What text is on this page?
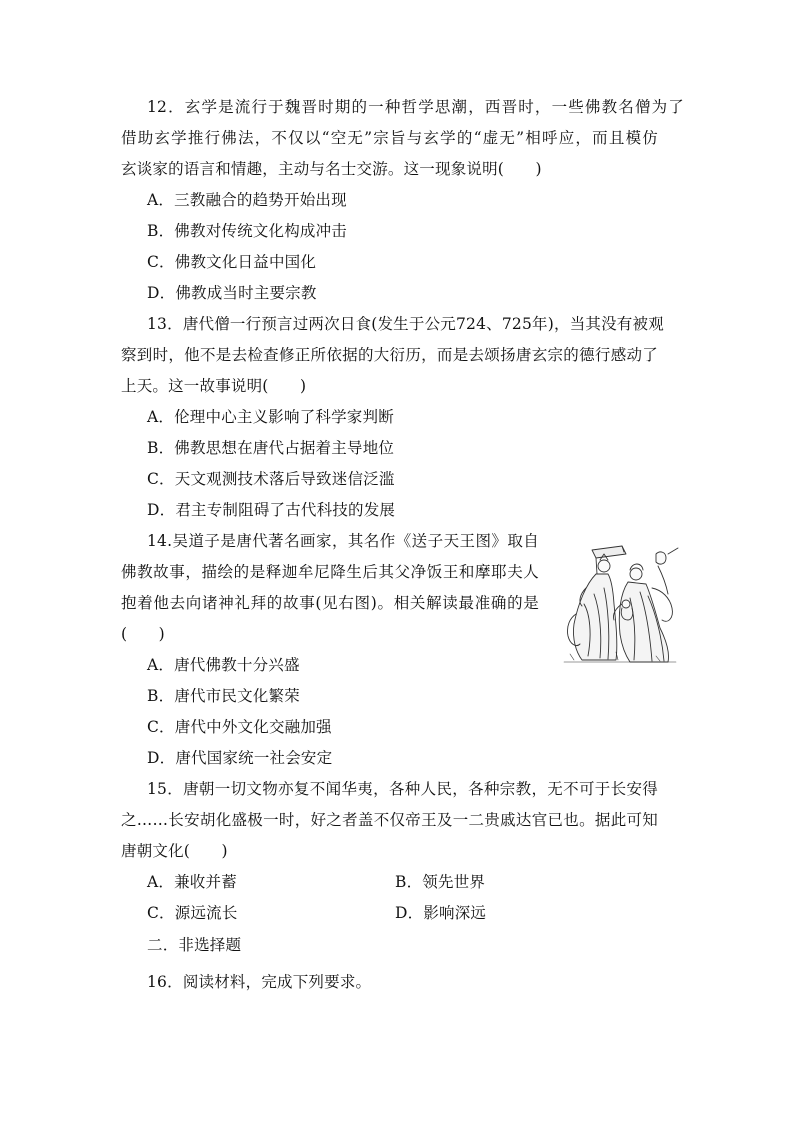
12．玄学是流行于魏晋时期的一种哲学思潮，西晋时，一些佛教名僧为了
借助玄学推行佛法，不仅以“空无”宗旨与玄学的“虚无”相呼应，而且模仿
玄谈家的语言和情趣，主动与名士交游。这一现象说明(　　)
A．三教融合的趋势开始出现
B．佛教对传统文化构成冲击
C．佛教文化日益中国化
D．佛教成当时主要宗教
13．唐代僧一行预言过两次日食(发生于公元724、725年)，当其没有被观
察到时，他不是去检查修正所依据的大衍历，而是去颂扬唐玄宗的德行感动了
上天。这一故事说明(　　)
A．伦理中心主义影响了科学家判断
B．佛教思想在唐代占据着主导地位
C．天文观测技术落后导致迷信泛滥
D．君主专制阻碍了古代科技的发展
14.吴道子是唐代著名画家，其名作《送子天王图》取自
佛教故事，描绘的是释迦牟尼降生后其父净饭王和摩耶夫人
抱着他去向诸神礼拜的故事(见右图)。相关解读最准确的是
(　　)
A．唐代佛教十分兴盛
B．唐代市民文化繁荣
C．唐代中外文化交融加强
D．唐代国家统一社会安定
15．唐朝一切文物亦复不闻华夷，各种人民，各种宗教，无不可于长安得
之……长安胡化盛极一时，好之者盖不仅帝王及一二贵戚达官已也。据此可知
唐朝文化(　　)
A．兼收并蓄	B．领先世界
C．源远流长	D．影响深远
二．非选择题
16．阅读材料，完成下列要求。
